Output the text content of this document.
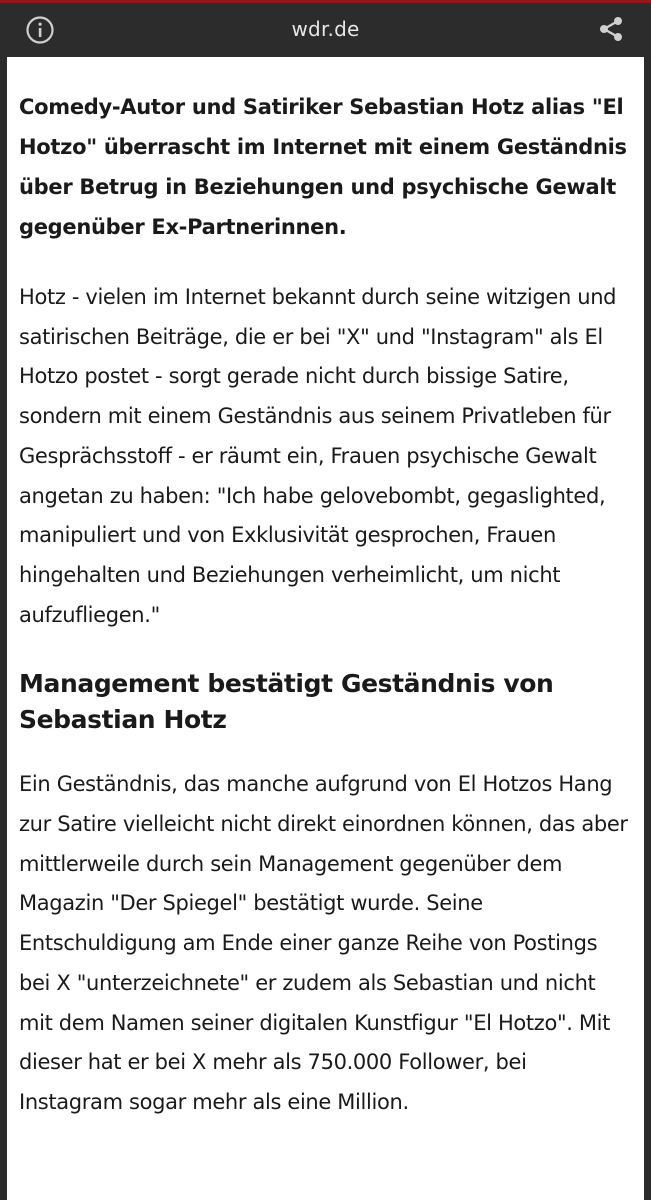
wdr.de

Comedy-Autor und Satiriker Sebastian Hotz alias "El Hotzo" überrascht im Internet mit einem Geständnis über Betrug in Beziehungen und psychische Gewalt gegenüber Ex-Partnerinnen.

Hotz - vielen im Internet bekannt durch seine witzigen und satirischen Beiträge, die er bei "X" und "Instagram" als El Hotzo postet - sorgt gerade nicht durch bissige Satire, sondern mit einem Geständnis aus seinem Privatleben für Gesprächsstoff - er räumt ein, Frauen psychische Gewalt angetan zu haben: "Ich habe gelovebombt, gegaslighted, manipuliert und von Exklusivität gesprochen, Frauen hingehalten und Beziehungen verheimlicht, um nicht aufzufliegen."

Management bestätigt Geständnis von Sebastian Hotz

Ein Geständnis, das manche aufgrund von El Hotzos Hang zur Satire vielleicht nicht direkt einordnen können, das aber mittlerweile durch sein Management gegenüber dem Magazin "Der Spiegel" bestätigt wurde. Seine Entschuldigung am Ende einer ganze Reihe von Postings bei X "unterzeichnete" er zudem als Sebastian und nicht mit dem Namen seiner digitalen Kunstfigur "El Hotzo". Mit dieser hat er bei X mehr als 750.000 Follower, bei Instagram sogar mehr als eine Million.
